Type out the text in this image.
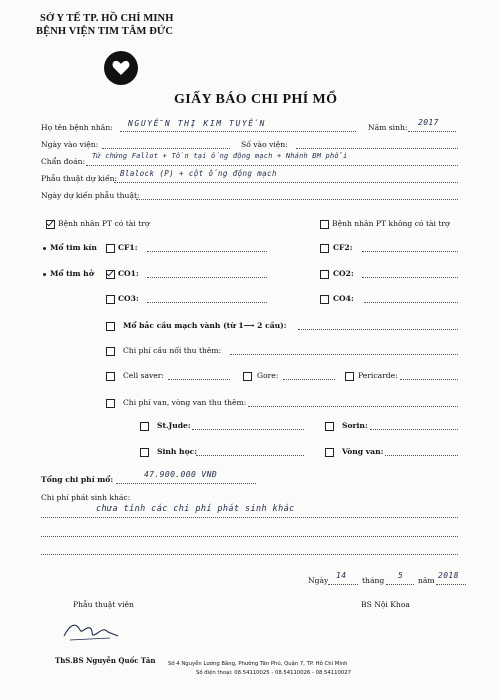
SỞ Y TẾ TP. HỒ CHÍ MINH
BỆNH VIỆN TIM TÂM ĐỨC
GIẤY BÁO CHI PHÍ MỔ
Họ tên bệnh nhân: NGUYỄN THỊ KIM TUYẾN	Năm sinh:
2017
Ngày vào viện:	Số vào viện:
Chẩn đoán:
Tứ chứng Fallot + Tồn tại ống động mạch + Nhánh ĐM phổi
Phẫu thuật dự kiến:
Blalock (P) + cột ống động mạch
Ngày dự kiến phẫu thuật:
Bệnh nhân PT có tài trợ	Bệnh nhân PT không có tài trợ
Mổ tim kín	CF1:	CF2:
Mổ tim hở	CO1:	CO2:
CO3:	CO4:
Mổ bắc cầu mạch vành (từ 1⟶ 2 cầu):
Chi phí cầu nối thu thêm:
Cell saver:	Gore:	Pericarde:
Chi phí van, vòng van thu thêm:
St.Jude:	Sorin:
Sinh học:	Vòng van:
Tổng chi phí mổ:
47.900.000 VNĐ
Chi phí phát sinh khác:
chưa tính các chi phí phát sinh khác
Ngày
14
tháng
5
năm
2018
Phẫu thuật viên	BS Nội Khoa
ThS.BS Nguyễn Quốc Tân Số 4 Nguyễn Lương Bằng, Phường Tân Phú, Quận 7, TP. Hồ Chí Minh
Số điện thoại: 08.54110025 - 08.54110026 - 08.54110027
